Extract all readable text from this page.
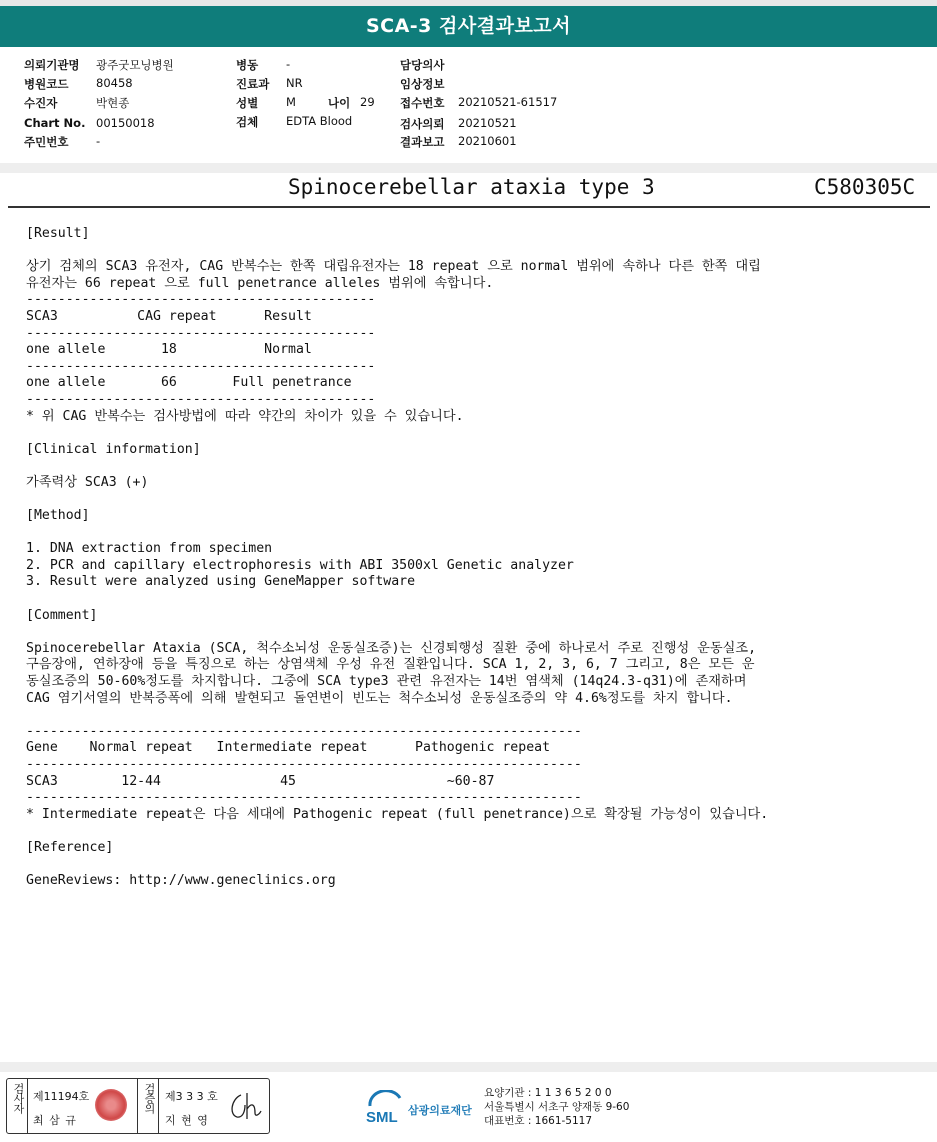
SCA-3 검사결과보고서
의뢰기관명 광주굿모닝병원
병원코드 80458
수진자	박현종
Chart No. 00150018
주민번호 -
병동 -
진료과 NR
성별 M	나이 29
검체 EDTA Blood
담당의사
임상정보
접수번호 20210521-61517
검사의뢰 20210521
결과보고 20210601
Spinocerebellar ataxia type 3	C580305C
[Result]
상기 검체의 SCA3 유전자, CAG 반복수는 한쪽 대립유전자는 18 repeat 으로 normal 범위에 속하나 다른 한쪽 대립
유전자는 66 repeat 으로 full penetrance alleles 범위에 속합니다.
--------------------------------------------
SCA3          CAG repeat      Result
--------------------------------------------
one allele       18           Normal
--------------------------------------------
one allele       66       Full penetrance
--------------------------------------------
* 위 CAG 반복수는 검사방법에 따라 약간의 차이가 있을 수 있습니다.
[Clinical information]
가족력상 SCA3 (+)
[Method]
1. DNA extraction from specimen
2. PCR and capillary electrophoresis with ABI 3500xl Genetic analyzer
3. Result were analyzed using GeneMapper software
[Comment]
Spinocerebellar Ataxia (SCA, 척수소뇌성 운동실조증)는 신경퇴행성 질환 중에 하나로서 주로 진행성 운동실조,
구음장애, 연하장애 등을 특징으로 하는 상염색체 우성 유전 질환입니다. SCA 1, 2, 3, 6, 7 그리고, 8은 모든 운
동실조증의 50-60%정도를 차지합니다. 그중에 SCA type3 관련 유전자는 14번 염색체 (14q24.3-q31)에 존재하며
CAG 염기서열의 반복증폭에 의해 발현되고 돌연변이 빈도는 척수소뇌성 운동실조증의 약 4.6%정도를 차지 합니다.
----------------------------------------------------------------------
Gene    Normal repeat   Intermediate repeat      Pathogenic repeat
----------------------------------------------------------------------
SCA3        12-44               45                   ~60-87
----------------------------------------------------------------------
* Intermediate repeat은 다음 세대에 Pathogenic repeat (full penetrance)으로 확장될 가능성이 있습니다.
[Reference]
GeneReviews: http://www.geneclinics.org
검사자 제11194호
최 삼 규
검증의 제3 3 3 호
지 현 영	SML 삼광의료재단
요양기관 : 1 1 3 6 5 2 0 0
서울특별시 서초구 양재동 9-60
대표번호 : 1661-5117
